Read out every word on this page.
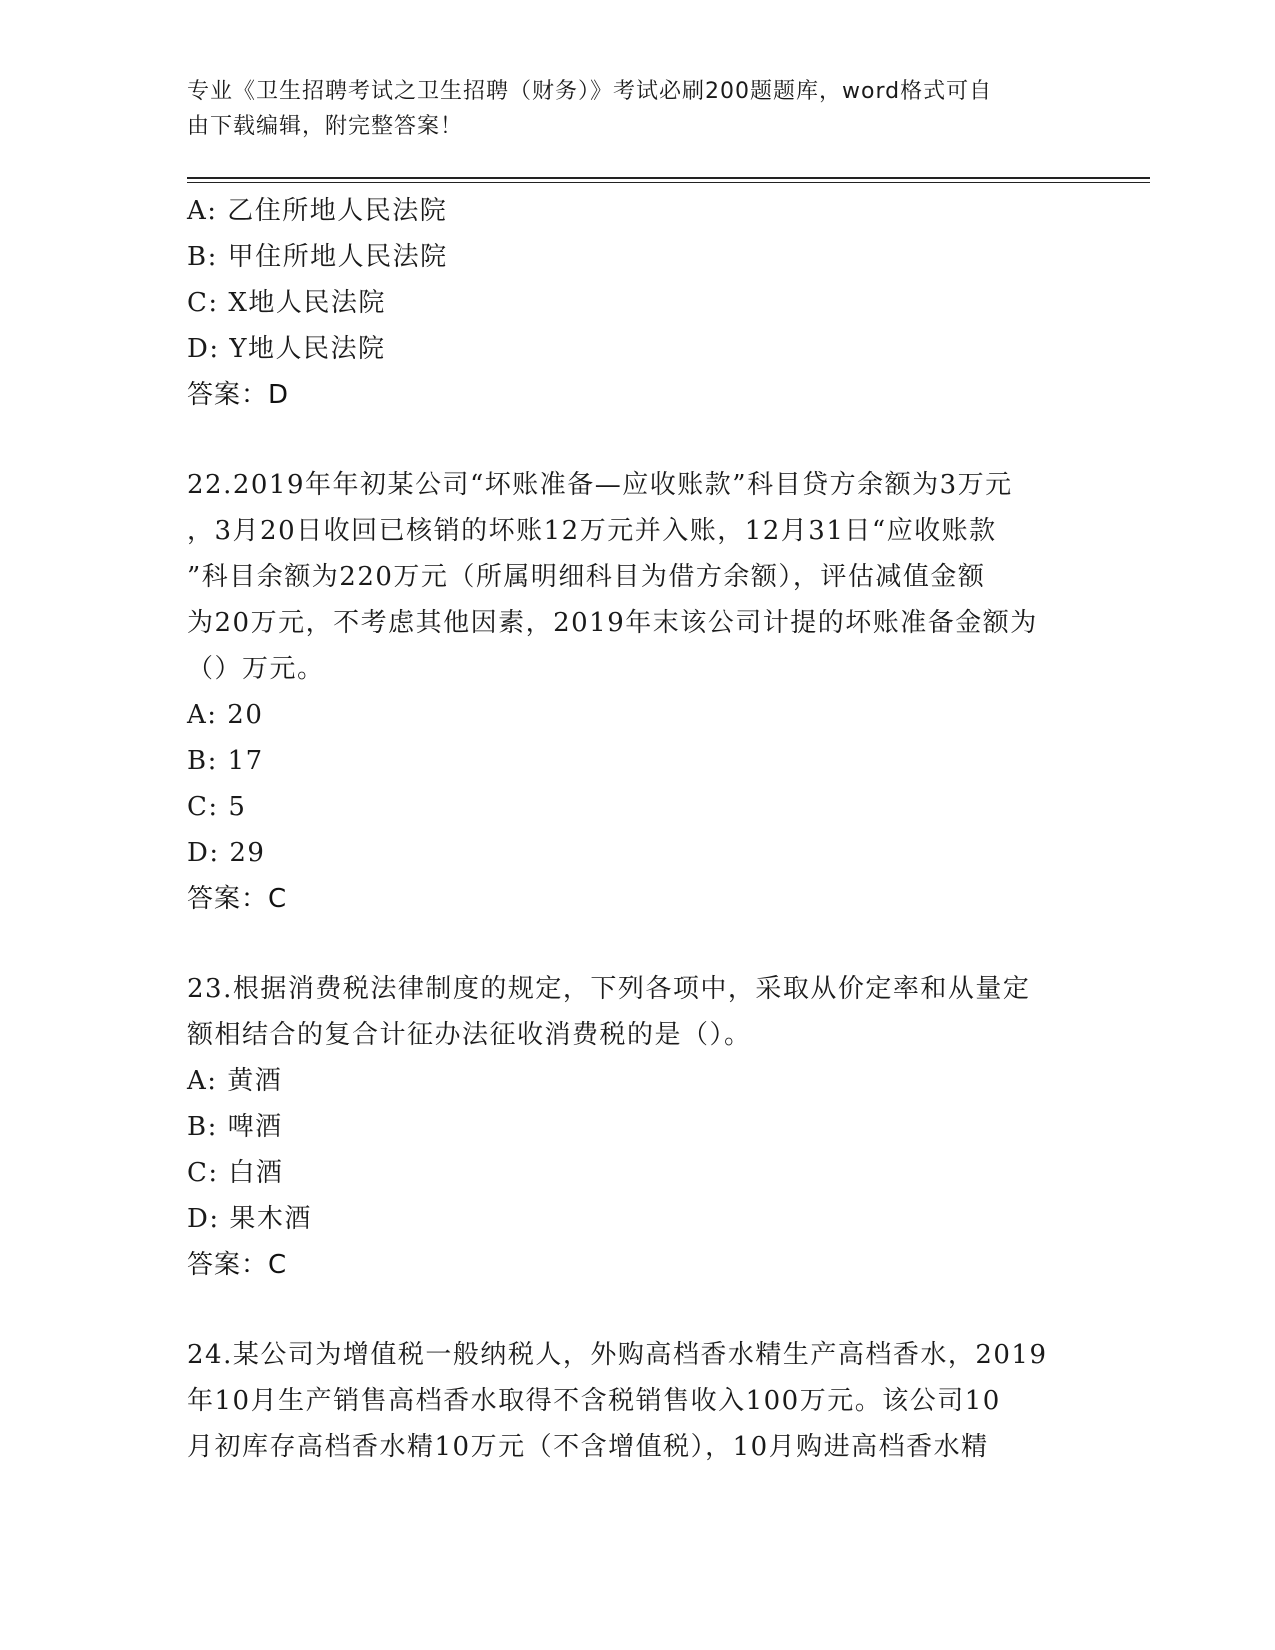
专业《卫生招聘考试之卫生招聘（财务）》考试必刷200题题库，word格式可自
由下载编辑，附完整答案！
A: 乙住所地人民法院
B: 甲住所地人民法院
C: X地人民法院
D: Y地人民法院
答案：D
22.2019年年初某公司“坏账准备—应收账款”科目贷方余额为3万元
，3月20日收回已核销的坏账12万元并入账，12月31日“应收账款
”科目余额为220万元（所属明细科目为借方余额），评估减值金额
为20万元，不考虑其他因素，2019年末该公司计提的坏账准备金额为
（）万元。
A: 20
B: 17
C: 5
D: 29
答案：C
23.根据消费税法律制度的规定，下列各项中，采取从价定率和从量定
额相结合的复合计征办法征收消费税的是（）。
A: 黄酒
B: 啤酒
C: 白酒
D: 果木酒
答案：C
24.某公司为增值税一般纳税人，外购高档香水精生产高档香水，2019
年10月生产销售高档香水取得不含税销售收入100万元。该公司10
月初库存高档香水精10万元（不含增值税），10月购进高档香水精
